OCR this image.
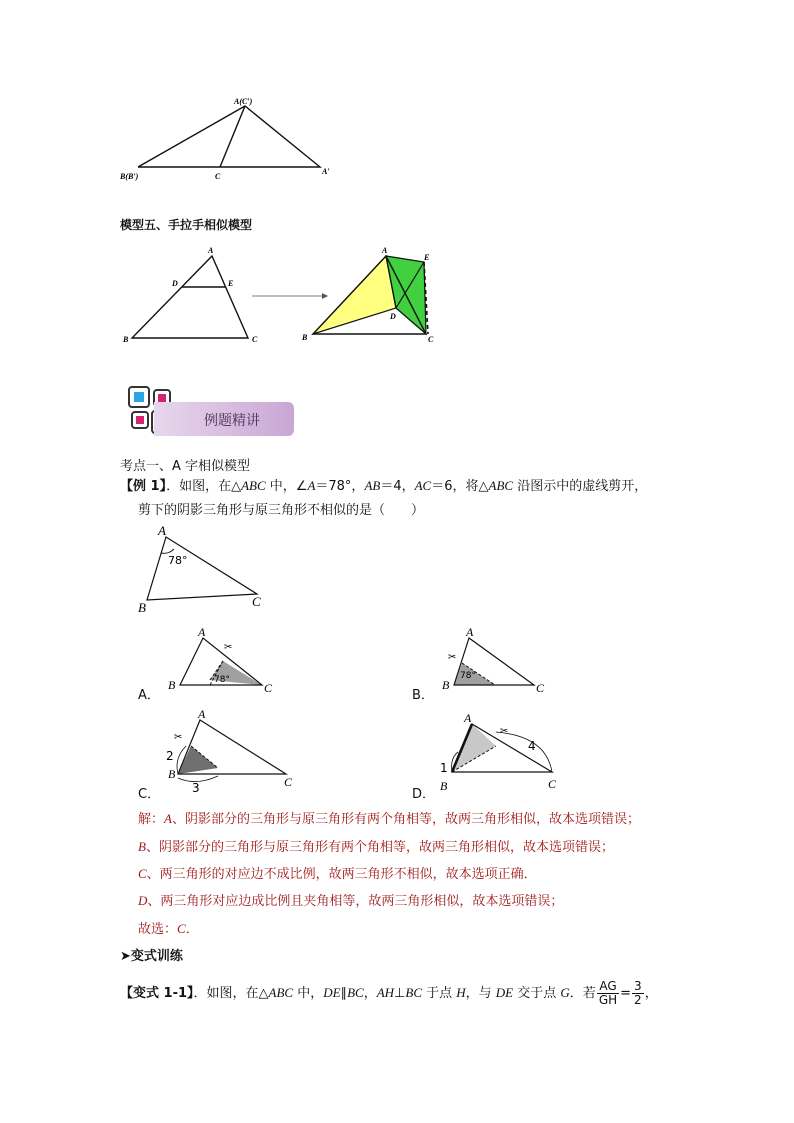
A(C′)
B(B′)	C
A′
模型五、手拉手相似模型
A
B	C
D	E
A
B	C
D
E
例题精讲
考点一、A 字相似模型
【例 1】．如图，在△ABC 中，∠A＝78°，AB＝4，AC＝6，将△ABC 沿图示中的虚线剪开，
剪下的阴影三角形与原三角形不相似的是（　　）
A
B	C
78°
A．
✂
A
B	C
78°
B．
✂
A
B	C
78°
C．
✂
A
B
C
2
3	D．
✂
A
B	C
1
4
解：A、阴影部分的三角形与原三角形有两个角相等，故两三角形相似，故本选项错误；
B、阴影部分的三角形与原三角形有两个角相等，故两三角形相似，故本选项错误；
C、两三角形的对应边不成比例，故两三角形不相似，故本选项正确．
D、两三角形对应边成比例且夹角相等，故两三角形相似，故本选项错误；
故选：C．
➤变式训练
【变式 1-1】．如图，在△ABC 中，DE∥BC，AH⊥BC 于点 H，与 DE 交于点 G．若 $\frac{AG}{GH} = \frac{3}{2}$ ，
